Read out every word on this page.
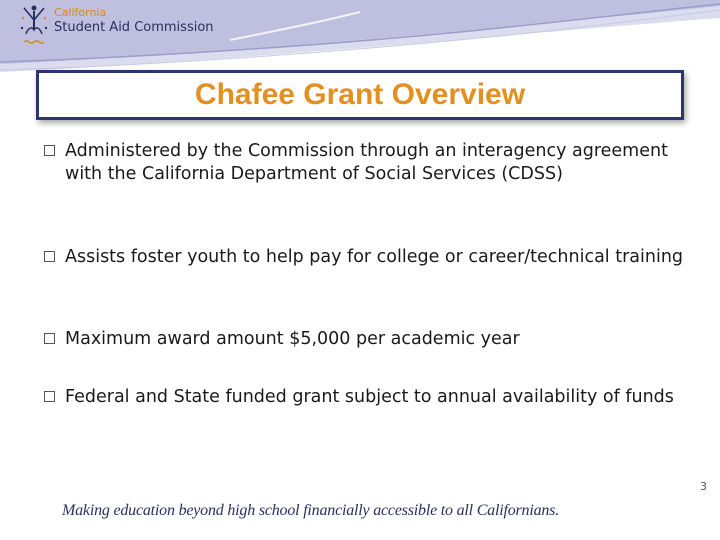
California
Student Aid Commission
Chafee Grant Overview
Administered by the Commission through an interagency agreement with the California Department of Social Services (CDSS)
Assists foster youth to help pay for college or career/technical training
Maximum award amount $5,000 per academic year
Federal and State funded grant subject to annual availability of funds
3
Making education beyond high school financially accessible to all Californians.
